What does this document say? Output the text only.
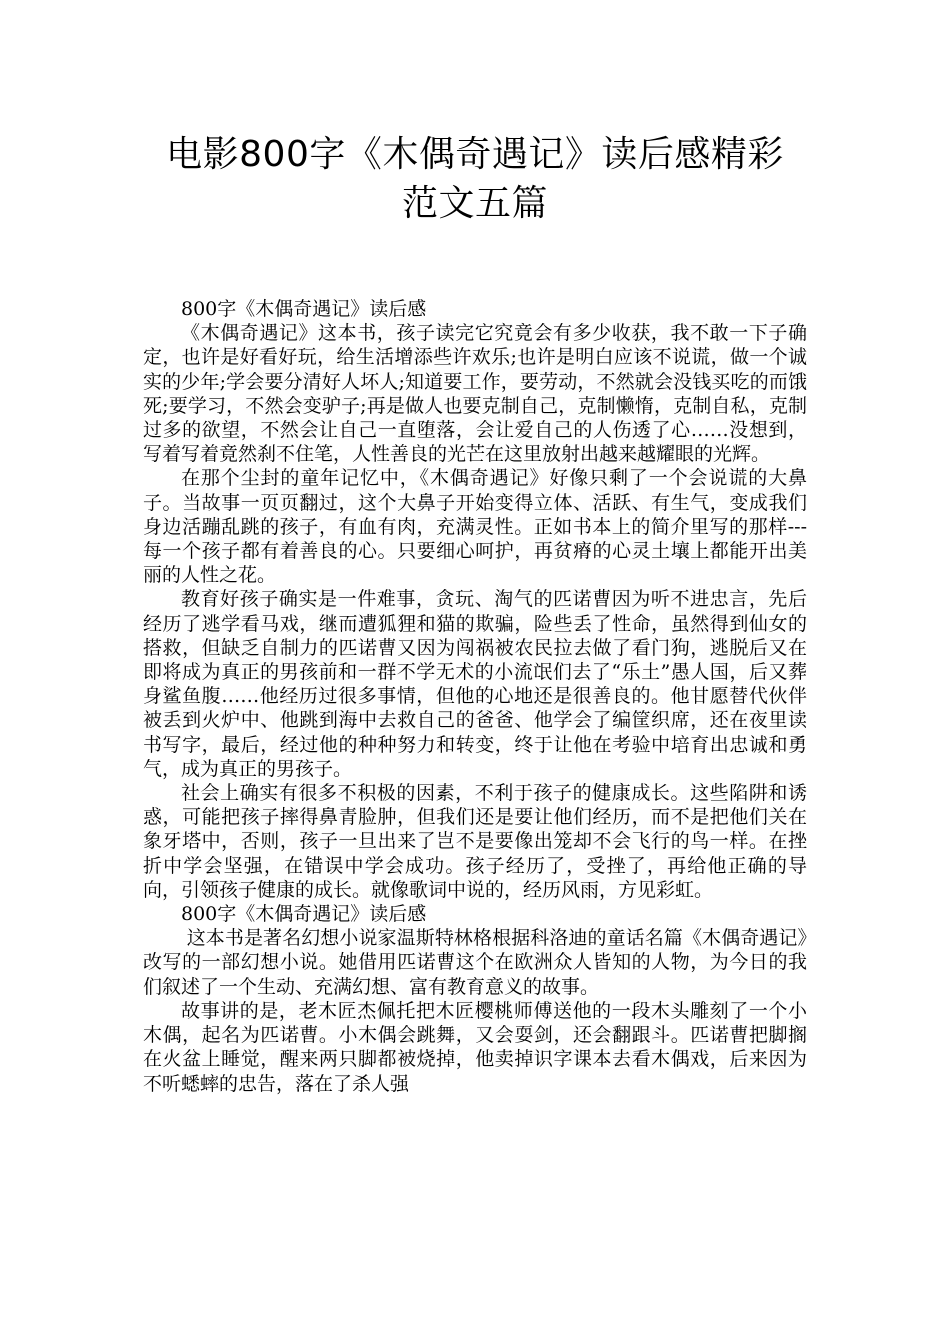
电影800字《木偶奇遇记》读后感精彩
范文五篇

800字《木偶奇遇记》读后感

《木偶奇遇记》这本书，孩子读完它究竟会有多少收获，我不敢一下子确定，也许是好看好玩，给生活增添些许欢乐;也许是明白应该不说谎，做一个诚实的少年;学会要分清好人坏人;知道要工作，要劳动，不然就会没钱买吃的而饿死;要学习，不然会变驴子;再是做人也要克制自己，克制懒惰，克制自私，克制过多的欲望，不然会让自己一直堕落，会让爱自己的人伤透了心……没想到，写着写着竟然刹不住笔，人性善良的光芒在这里放射出越来越耀眼的光辉。

在那个尘封的童年记忆中，《木偶奇遇记》好像只剩了一个会说谎的大鼻子。当故事一页页翻过，这个大鼻子开始变得立体、活跃、有生气，变成我们身边活蹦乱跳的孩子，有血有肉，充满灵性。正如书本上的简介里写的那样---每一个孩子都有着善良的心。只要细心呵护，再贫瘠的心灵土壤上都能开出美丽的人性之花。

教育好孩子确实是一件难事，贪玩、淘气的匹诺曹因为听不进忠言，先后经历了逃学看马戏，继而遭狐狸和猫的欺骗，险些丢了性命，虽然得到仙女的搭救，但缺乏自制力的匹诺曹又因为闯祸被农民拉去做了看门狗，逃脱后又在即将成为真正的男孩前和一群不学无术的小流氓们去了“乐土”愚人国，后又葬身鲨鱼腹……他经历过很多事情，但他的心地还是很善良的。他甘愿替代伙伴被丢到火炉中、他跳到海中去救自己的爸爸、他学会了编筐织席，还在夜里读书写字，最后，经过他的种种努力和转变，终于让他在考验中培育出忠诚和勇气，成为真正的男孩子。

社会上确实有很多不积极的因素，不利于孩子的健康成长。这些陷阱和诱惑，可能把孩子摔得鼻青脸肿，但我们还是要让他们经历，而不是把他们关在象牙塔中，否则，孩子一旦出来了岂不是要像出笼却不会飞行的鸟一样。在挫折中学会坚强，在错误中学会成功。孩子经历了，受挫了，再给他正确的导向，引领孩子健康的成长。就像歌词中说的，经历风雨，方见彩虹。

800字《木偶奇遇记》读后感

这本书是著名幻想小说家温斯特林格根据科洛迪的童话名篇《木偶奇遇记》改写的一部幻想小说。她借用匹诺曹这个在欧洲众人皆知的人物，为今日的我们叙述了一个生动、充满幻想、富有教育意义的故事。

故事讲的是，老木匠杰佩托把木匠樱桃师傅送他的一段木头雕刻了一个小木偶，起名为匹诺曹。小木偶会跳舞，又会耍剑，还会翻跟斗。匹诺曹把脚搁在火盆上睡觉，醒来两只脚都被烧掉，他卖掉识字课本去看木偶戏，后来因为不听蟋蟀的忠告，落在了杀人强
